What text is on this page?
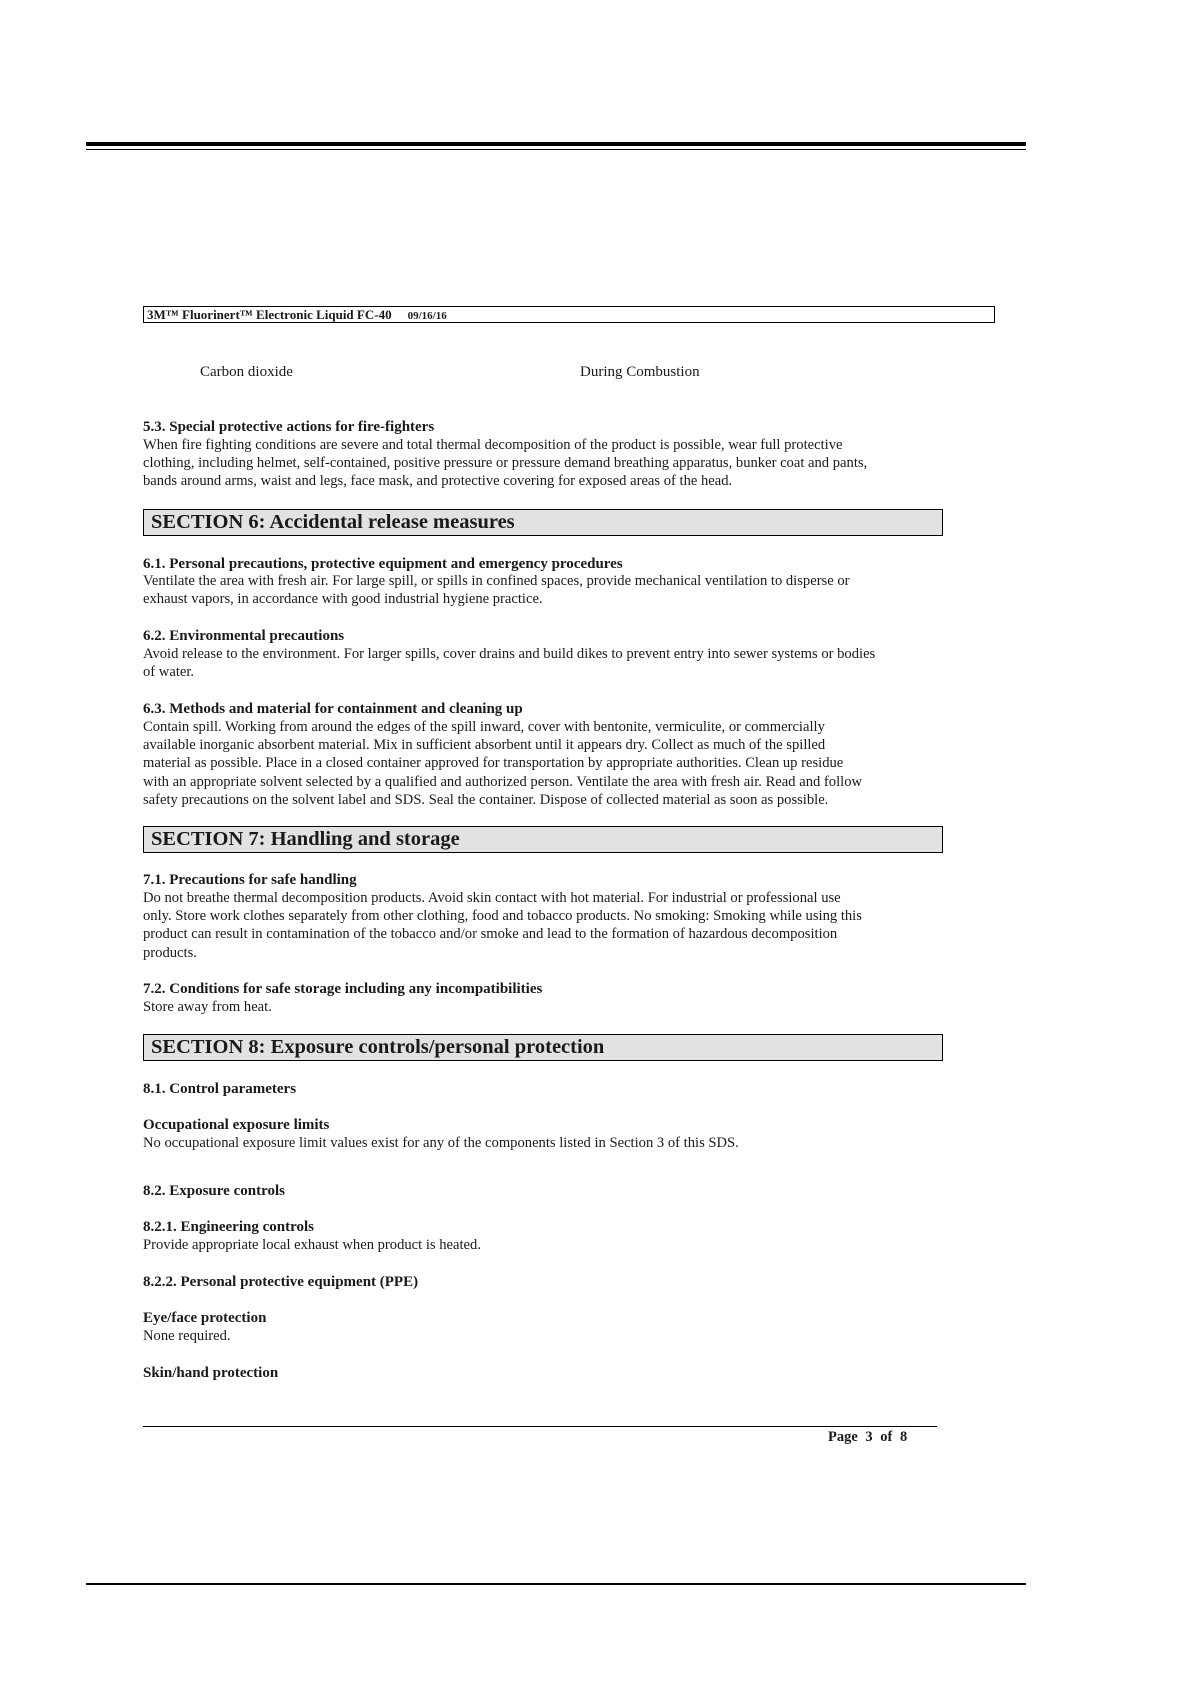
3M™ Fluorinert™ Electronic Liquid FC-40 09/16/16
Carbon dioxide	During Combustion
5.3. Special protective actions for fire-fighters
When fire fighting conditions are severe and total thermal decomposition of the product is possible, wear full protective
clothing, including helmet, self-contained, positive pressure or pressure demand breathing apparatus, bunker coat and pants,
bands around arms, waist and legs, face mask, and protective covering for exposed areas of the head.
SECTION 6: Accidental release measures
6.1. Personal precautions, protective equipment and emergency procedures
Ventilate the area with fresh air. For large spill, or spills in confined spaces, provide mechanical ventilation to disperse or
exhaust vapors, in accordance with good industrial hygiene practice.
6.2. Environmental precautions
Avoid release to the environment. For larger spills, cover drains and build dikes to prevent entry into sewer systems or bodies
of water.
6.3. Methods and material for containment and cleaning up
Contain spill. Working from around the edges of the spill inward, cover with bentonite, vermiculite, or commercially
available inorganic absorbent material. Mix in sufficient absorbent until it appears dry. Collect as much of the spilled
material as possible. Place in a closed container approved for transportation by appropriate authorities. Clean up residue
with an appropriate solvent selected by a qualified and authorized person. Ventilate the area with fresh air. Read and follow
safety precautions on the solvent label and SDS. Seal the container. Dispose of collected material as soon as possible.
SECTION 7: Handling and storage
7.1. Precautions for safe handling
Do not breathe thermal decomposition products. Avoid skin contact with hot material. For industrial or professional use
only. Store work clothes separately from other clothing, food and tobacco products. No smoking: Smoking while using this
product can result in contamination of the tobacco and/or smoke and lead to the formation of hazardous decomposition
products.
7.2. Conditions for safe storage including any incompatibilities
Store away from heat.
SECTION 8: Exposure controls/personal protection
8.1. Control parameters
Occupational exposure limits
No occupational exposure limit values exist for any of the components listed in Section 3 of this SDS.
8.2. Exposure controls
8.2.1. Engineering controls
Provide appropriate local exhaust when product is heated.
8.2.2. Personal protective equipment (PPE)
Eye/face protection
None required.
Skin/hand protection
Page 3 of 8
